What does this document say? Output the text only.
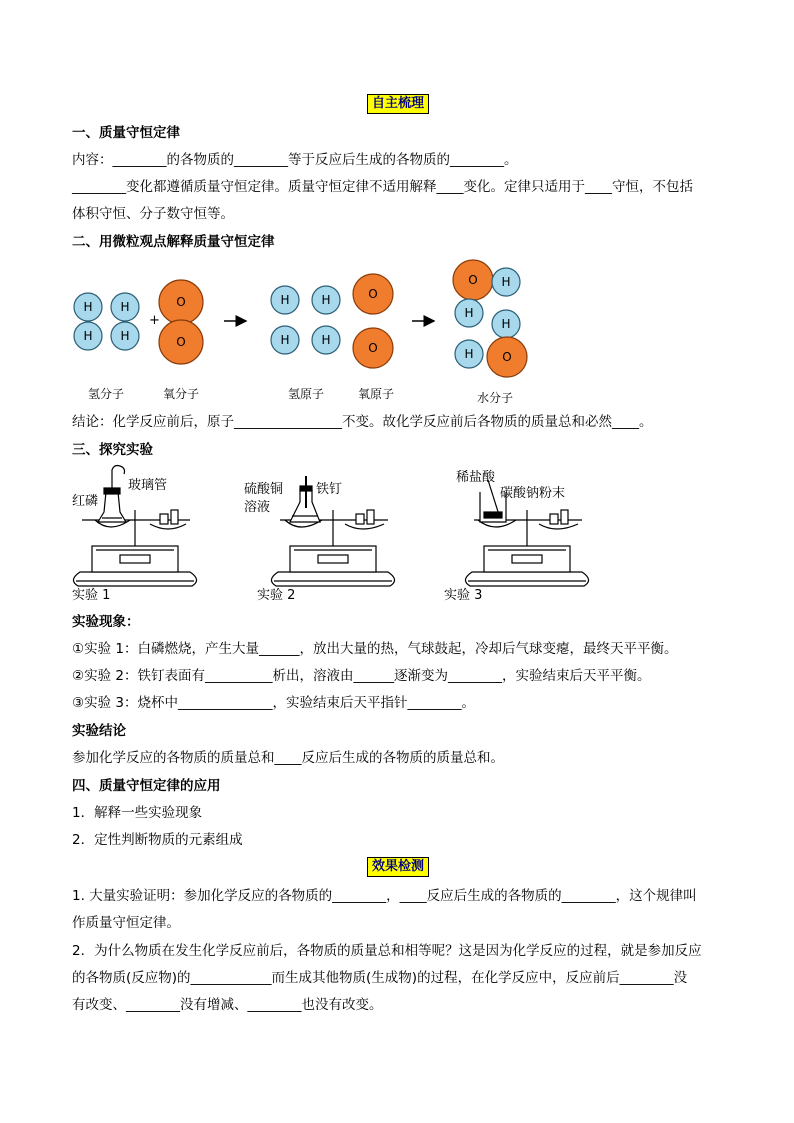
自主梳理
一、质量守恒定律
内容：________的各物质的________等于反应后生成的各物质的________。
________变化都遵循质量守恒定律。质量守恒定律不适用解释____变化。定律只适用于____守恒，不包括
体积守恒、分子数守恒等。
二、用微粒观点解释质量守恒定律
H H
H H
+
O
O
H	H
H	H
O
O
O H
H
H
H O
氢分子	氧分子	氢原子	氧原子	水分子
结论：化学反应前后，原子________________不变。故化学反应前后各物质的质量总和必然____。
三、探究实验
红磷
玻璃管	硫酸铜
溶液
铁钉
稀盐酸
碳酸钠粉末
实验 1	实验 2	实验 3
实验现象：
①实验 1：白磷燃烧，产生大量______，放出大量的热，气球鼓起，冷却后气球变瘪，最终天平平衡。
②实验 2：铁钉表面有__________析出，溶液由______逐渐变为________，实验结束后天平平衡。
③实验 3：烧杯中______________，实验结束后天平指针________。
实验结论
参加化学反应的各物质的质量总和____反应后生成的各物质的质量总和。
四、质量守恒定律的应用
1．解释一些实验现象
2．定性判断物质的元素组成
效果检测
1. 大量实验证明：参加化学反应的各物质的________，____反应后生成的各物质的________，这个规律叫
作质量守恒定律。
2．为什么物质在发生化学反应前后，各物质的质量总和相等呢？这是因为化学反应的过程，就是参加反应
的各物质(反应物)的____________而生成其他物质(生成物)的过程，在化学反应中，反应前后________没
有改变、________没有增减、________也没有改变。
